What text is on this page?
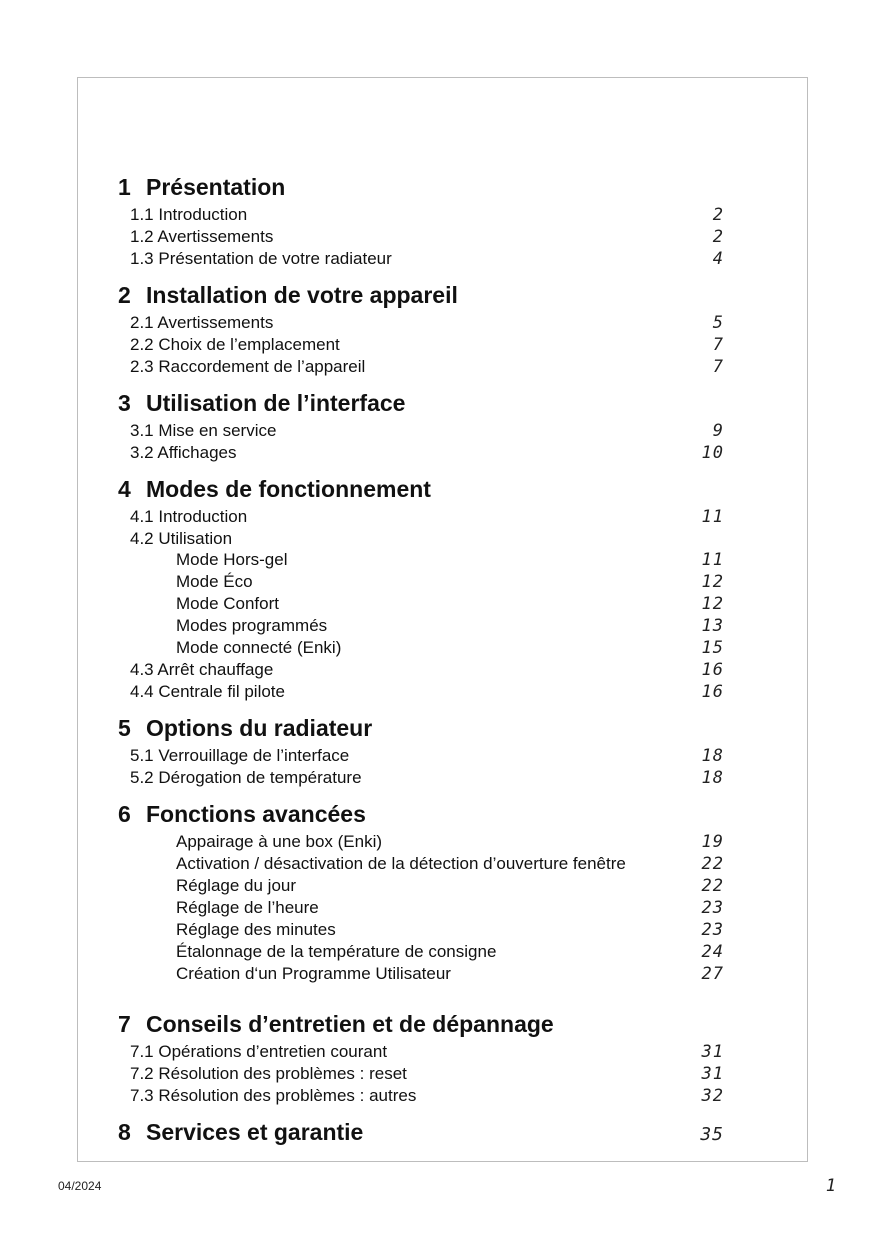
1 Présentation
1.1 Introduction	2
1.2 Avertissements	2
1.3 Présentation de votre radiateur	4
2 Installation de votre appareil
2.1 Avertissements	5
2.2 Choix de l’emplacement	7
2.3 Raccordement de l’appareil	7
3 Utilisation de l’interface
3.1 Mise en service	9
3.2 Affichages	10
4 Modes de fonctionnement
4.1 Introduction	11
4.2 Utilisation
Mode Hors-gel	11
Mode Éco	12
Mode Confort	12
Modes programmés	13
Mode connecté (Enki)	15
4.3 Arrêt chauffage	16
4.4 Centrale fil pilote	16
5 Options du radiateur
5.1 Verrouillage de l’interface	18
5.2 Dérogation de température	18
6 Fonctions avancées
Appairage à une box (Enki)	19
Activation / désactivation de la détection d’ouverture fenêtre	22
Réglage du jour	22
Réglage de l’heure	23
Réglage des minutes	23
Étalonnage de la température de consigne	24
Création d‘un Programme Utilisateur	27
7 Conseils d’entretien et de dépannage
7.1 Opérations d’entretien courant	31
7.2 Résolution des problèmes : reset	31
7.3 Résolution des problèmes : autres	32
8 Services et garantie	35
04/2024	1
